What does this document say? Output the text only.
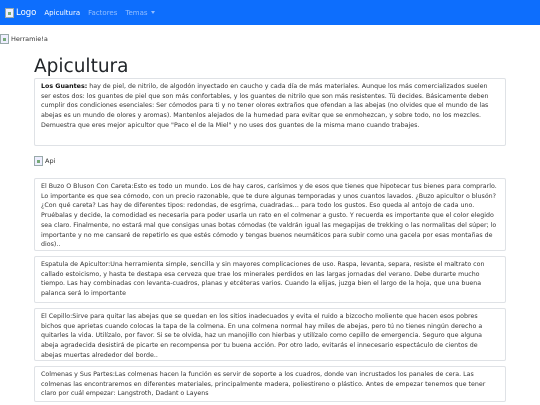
Logo Apicultura Factores Temas
Herramie!a
Apicultura
Los Guantes: hay de piel, de nitrilo, de algodón inyectado en caucho y cada día de más materiales. Aunque los más comercializados suelen ser estos dos: los guantes de piel que son más confortables, y los guantes de nitrilo que son más resistentes. Tú decides. Básicamente deben cumplir dos condiciones esenciales: Ser cómodos para ti y no tener olores extraños que ofendan a las abejas (no olvides que el mundo de las abejas es un mundo de olores y aromas). Mantenlos alejados de la humedad para evitar que se enmohezcan, y sobre todo, no los mezcles. Demuestra que eres mejor apicultor que "Paco el de la Miel" y no uses dos guantes de la misma mano cuando trabajes.
Api
El Buzo O Bluson Con Careta:Esto es todo un mundo. Los de hay caros, carísimos y de esos que tienes que hipotecar tus bienes para comprarlo. Lo importante es que sea cómodo, con un precio razonable, que te dure algunas temporadas y unos cuantos lavados. ¿Buzo apicultor o blusón? ¿Con qué careta? Las hay de diferentes tipos: redondas, de esgrima, cuadradas… para todo los gustos. Eso queda al antojo de cada uno. Pruébalas y decide, la comodidad es necesaria para poder usarla un rato en el colmenar a gusto. Y recuerda es importante que el color elegido sea claro. Finalmente, no estará mal que consigas unas botas cómodas (te valdrán igual las megapijas de trekking o las normalitas del súper; lo importante y no me cansaré de repetirlo es que estés cómodo y tengas buenos neumáticos para subir como una gacela por esas montañas de dios)..
Espatula de Apicultor:Una herramienta simple, sencilla y sin mayores complicaciones de uso. Raspa, levanta, separa, resiste el maltrato con callado estoicismo, y hasta te destapa esa cerveza que trae los minerales perdidos en las largas jornadas del verano. Debe durarte mucho tiempo. Las hay combinadas con levanta-cuadros, planas y etcéteras varios. Cuando la elijas, juzga bien el largo de la hoja, que una buena palanca será lo importante
El Cepillo:Sirve para quitar las abejas que se quedan en los sitios inadecuados y evita el ruido a bizcocho moliente que hacen esos pobres bichos que aprietas cuando colocas la tapa de la colmena. En una colmena normal hay miles de abejas, pero tú no tienes ningún derecho a quitarles la vida. Utilízalo, por favor. Si se te olvida, haz un manojillo con hierbas y utilízalo como cepillo de emergencia. Seguro que alguna abeja agradecida desistirá de picarte en recompensa por tu buena acción. Por otro lado, evitarás el innecesario espectáculo de cientos de abejas muertas alrededor del borde..
Colmenas y Sus Partes:Las colmenas hacen la función es servir de soporte a los cuadros, donde van incrustados los panales de cera. Las colmenas las encontraremos en diferentes materiales, principalmente madera, poliestireno o plástico. Antes de empezar tenemos que tener claro por cuál empezar: Langstroth, Dadant o Layens
